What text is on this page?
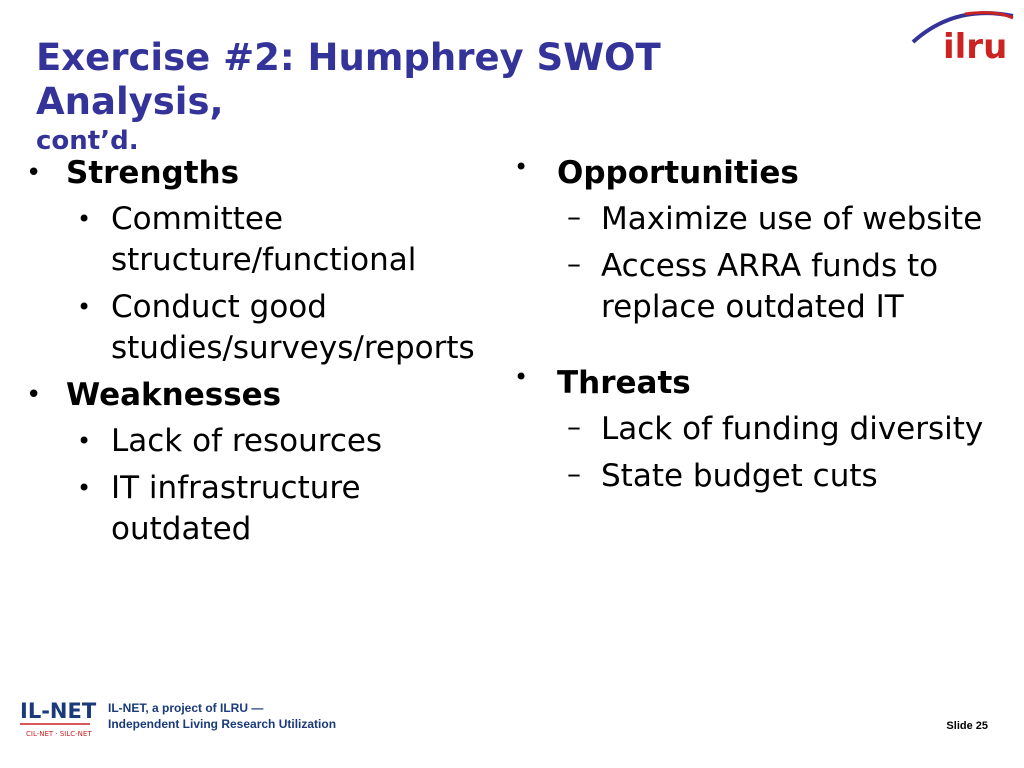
Exercise #2: Humphrey SWOT Analysis,
cont’d.
ilru
• Strengths
• Committee structure/functional
• Conduct good studies/surveys/reports
• Weaknesses
• Lack of resources
• IT infrastructure outdated
• Opportunities
– Maximize use of website
– Access ARRA funds to replace outdated IT
• Threats
– Lack of funding diversity
– State budget cuts
IL-NET
CIL-NET · SILC-NET
IL-NET, a project of ILRU —
Independent Living Research Utilization	Slide 25
